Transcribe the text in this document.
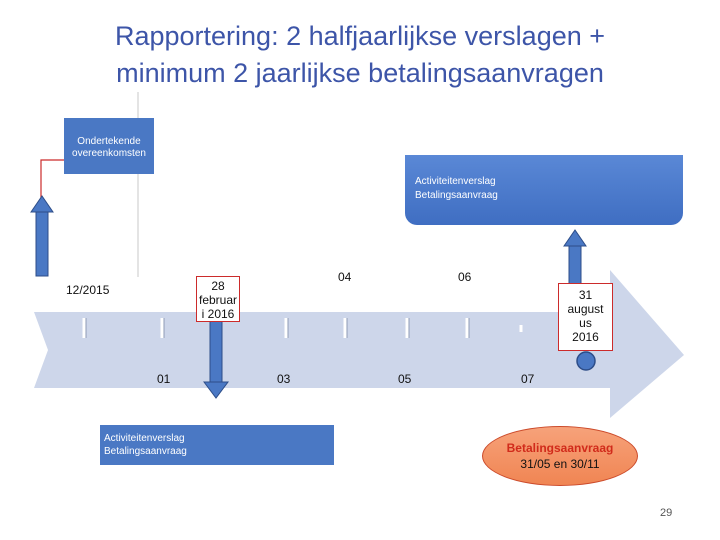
Rapportering: 2 halfjaarlijkse verslagen +
minimum 2 jaarlijkse betalingsaanvragen
Ondertekende overeenkomsten
Activiteitenverslag
Betalingsaanvraag
Activiteitenverslag
Betalingsaanvraag
12/2015	28
februar
i 2016
31
august
us
2016
01	03
04
05
06
07
Betalingsaanvraag
31/05 en 30/11
29
